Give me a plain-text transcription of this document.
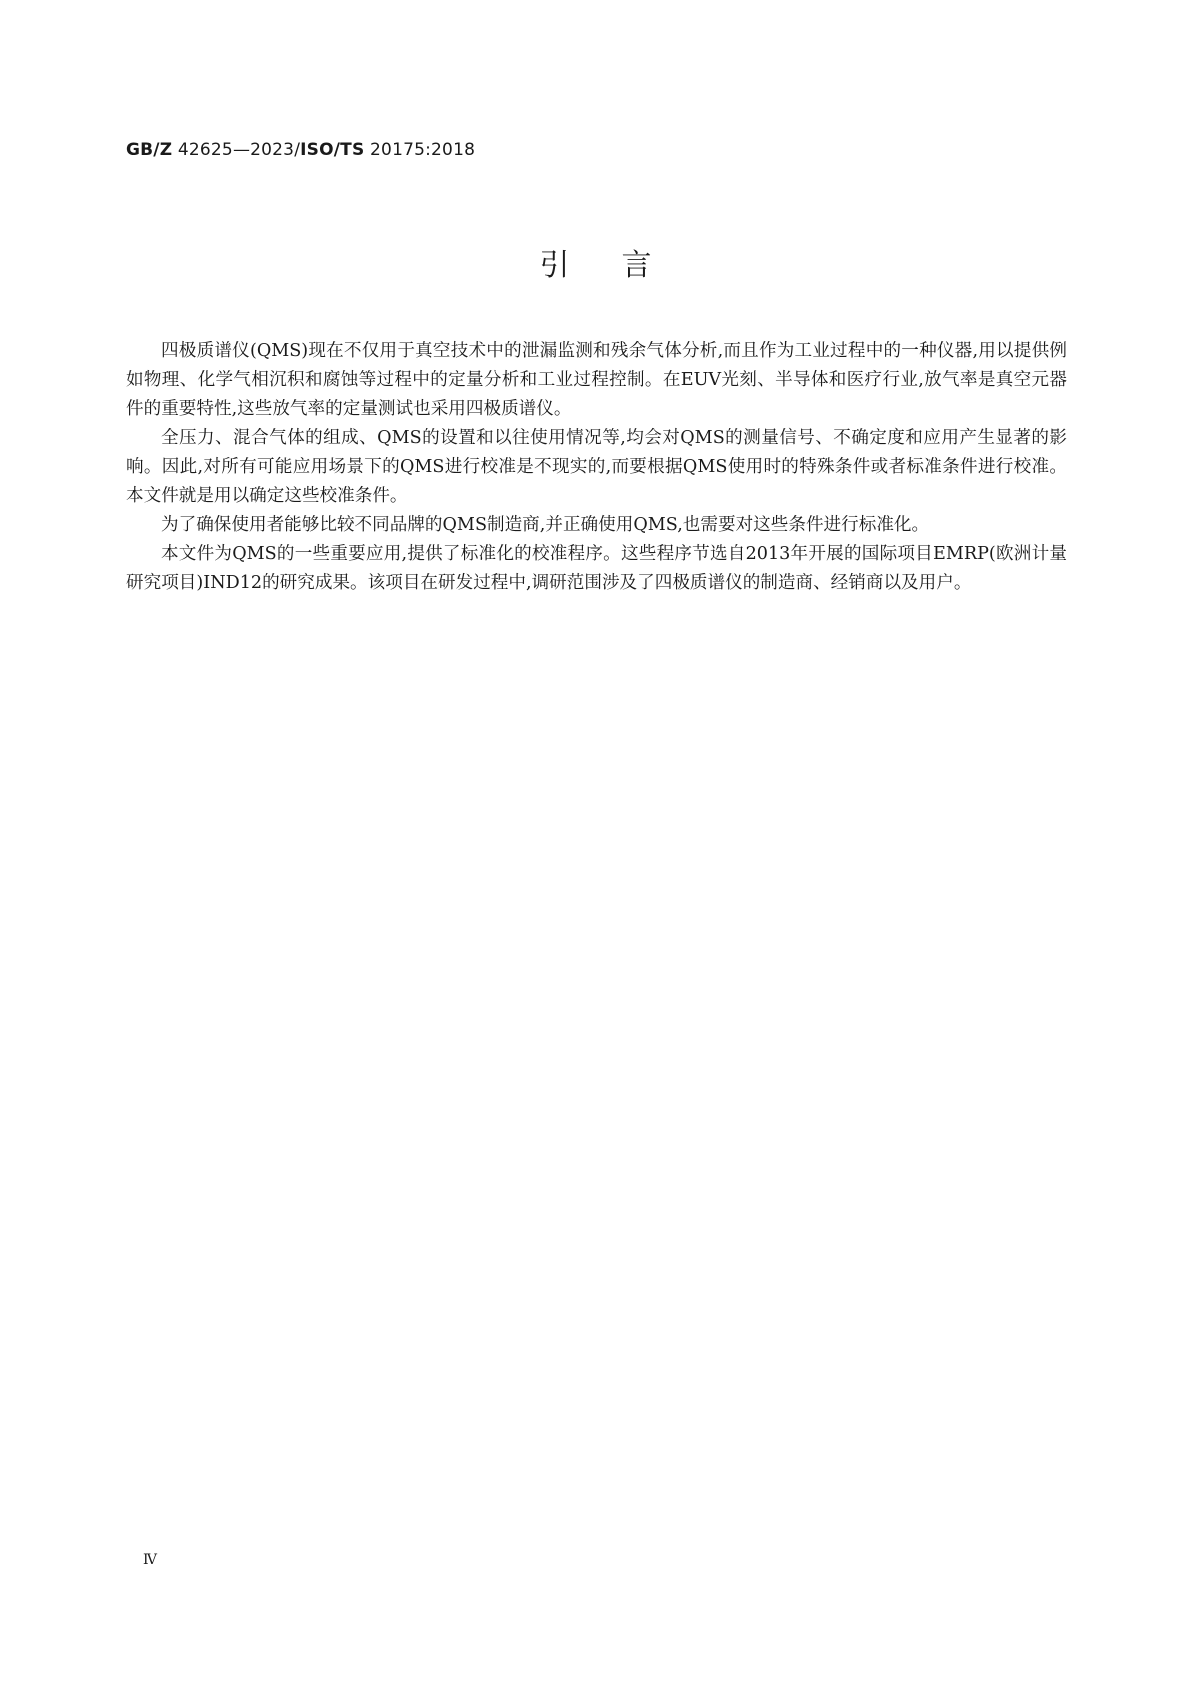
GB/Z 42625—2023/ISO/TS 20175:2018
引言

四极质谱仪(QMS)现在不仅用于真空技术中的泄漏监测和残余气体分析,而且作为工业过程中的一种仪器,用以提供例如物理、化学气相沉积和腐蚀等过程中的定量分析和工业过程控制。在EUV光刻、半导体和医疗行业,放气率是真空元器件的重要特性,这些放气率的定量测试也采用四极质谱仪。

全压力、混合气体的组成、QMS的设置和以往使用情况等,均会对QMS的测量信号、不确定度和应用产生显著的影响。因此,对所有可能应用场景下的QMS进行校准是不现实的,而要根据QMS使用时的特殊条件或者标准条件进行校准。本文件就是用以确定这些校准条件。

为了确保使用者能够比较不同品牌的QMS制造商,并正确使用QMS,也需要对这些条件进行标准化。

本文件为QMS的一些重要应用,提供了标准化的校准程序。这些程序节选自2013年开展的国际项目EMRP(欧洲计量研究项目)IND12的研究成果。该项目在研发过程中,调研范围涉及了四极质谱仪的制造商、经销商以及用户。

Ⅳ
